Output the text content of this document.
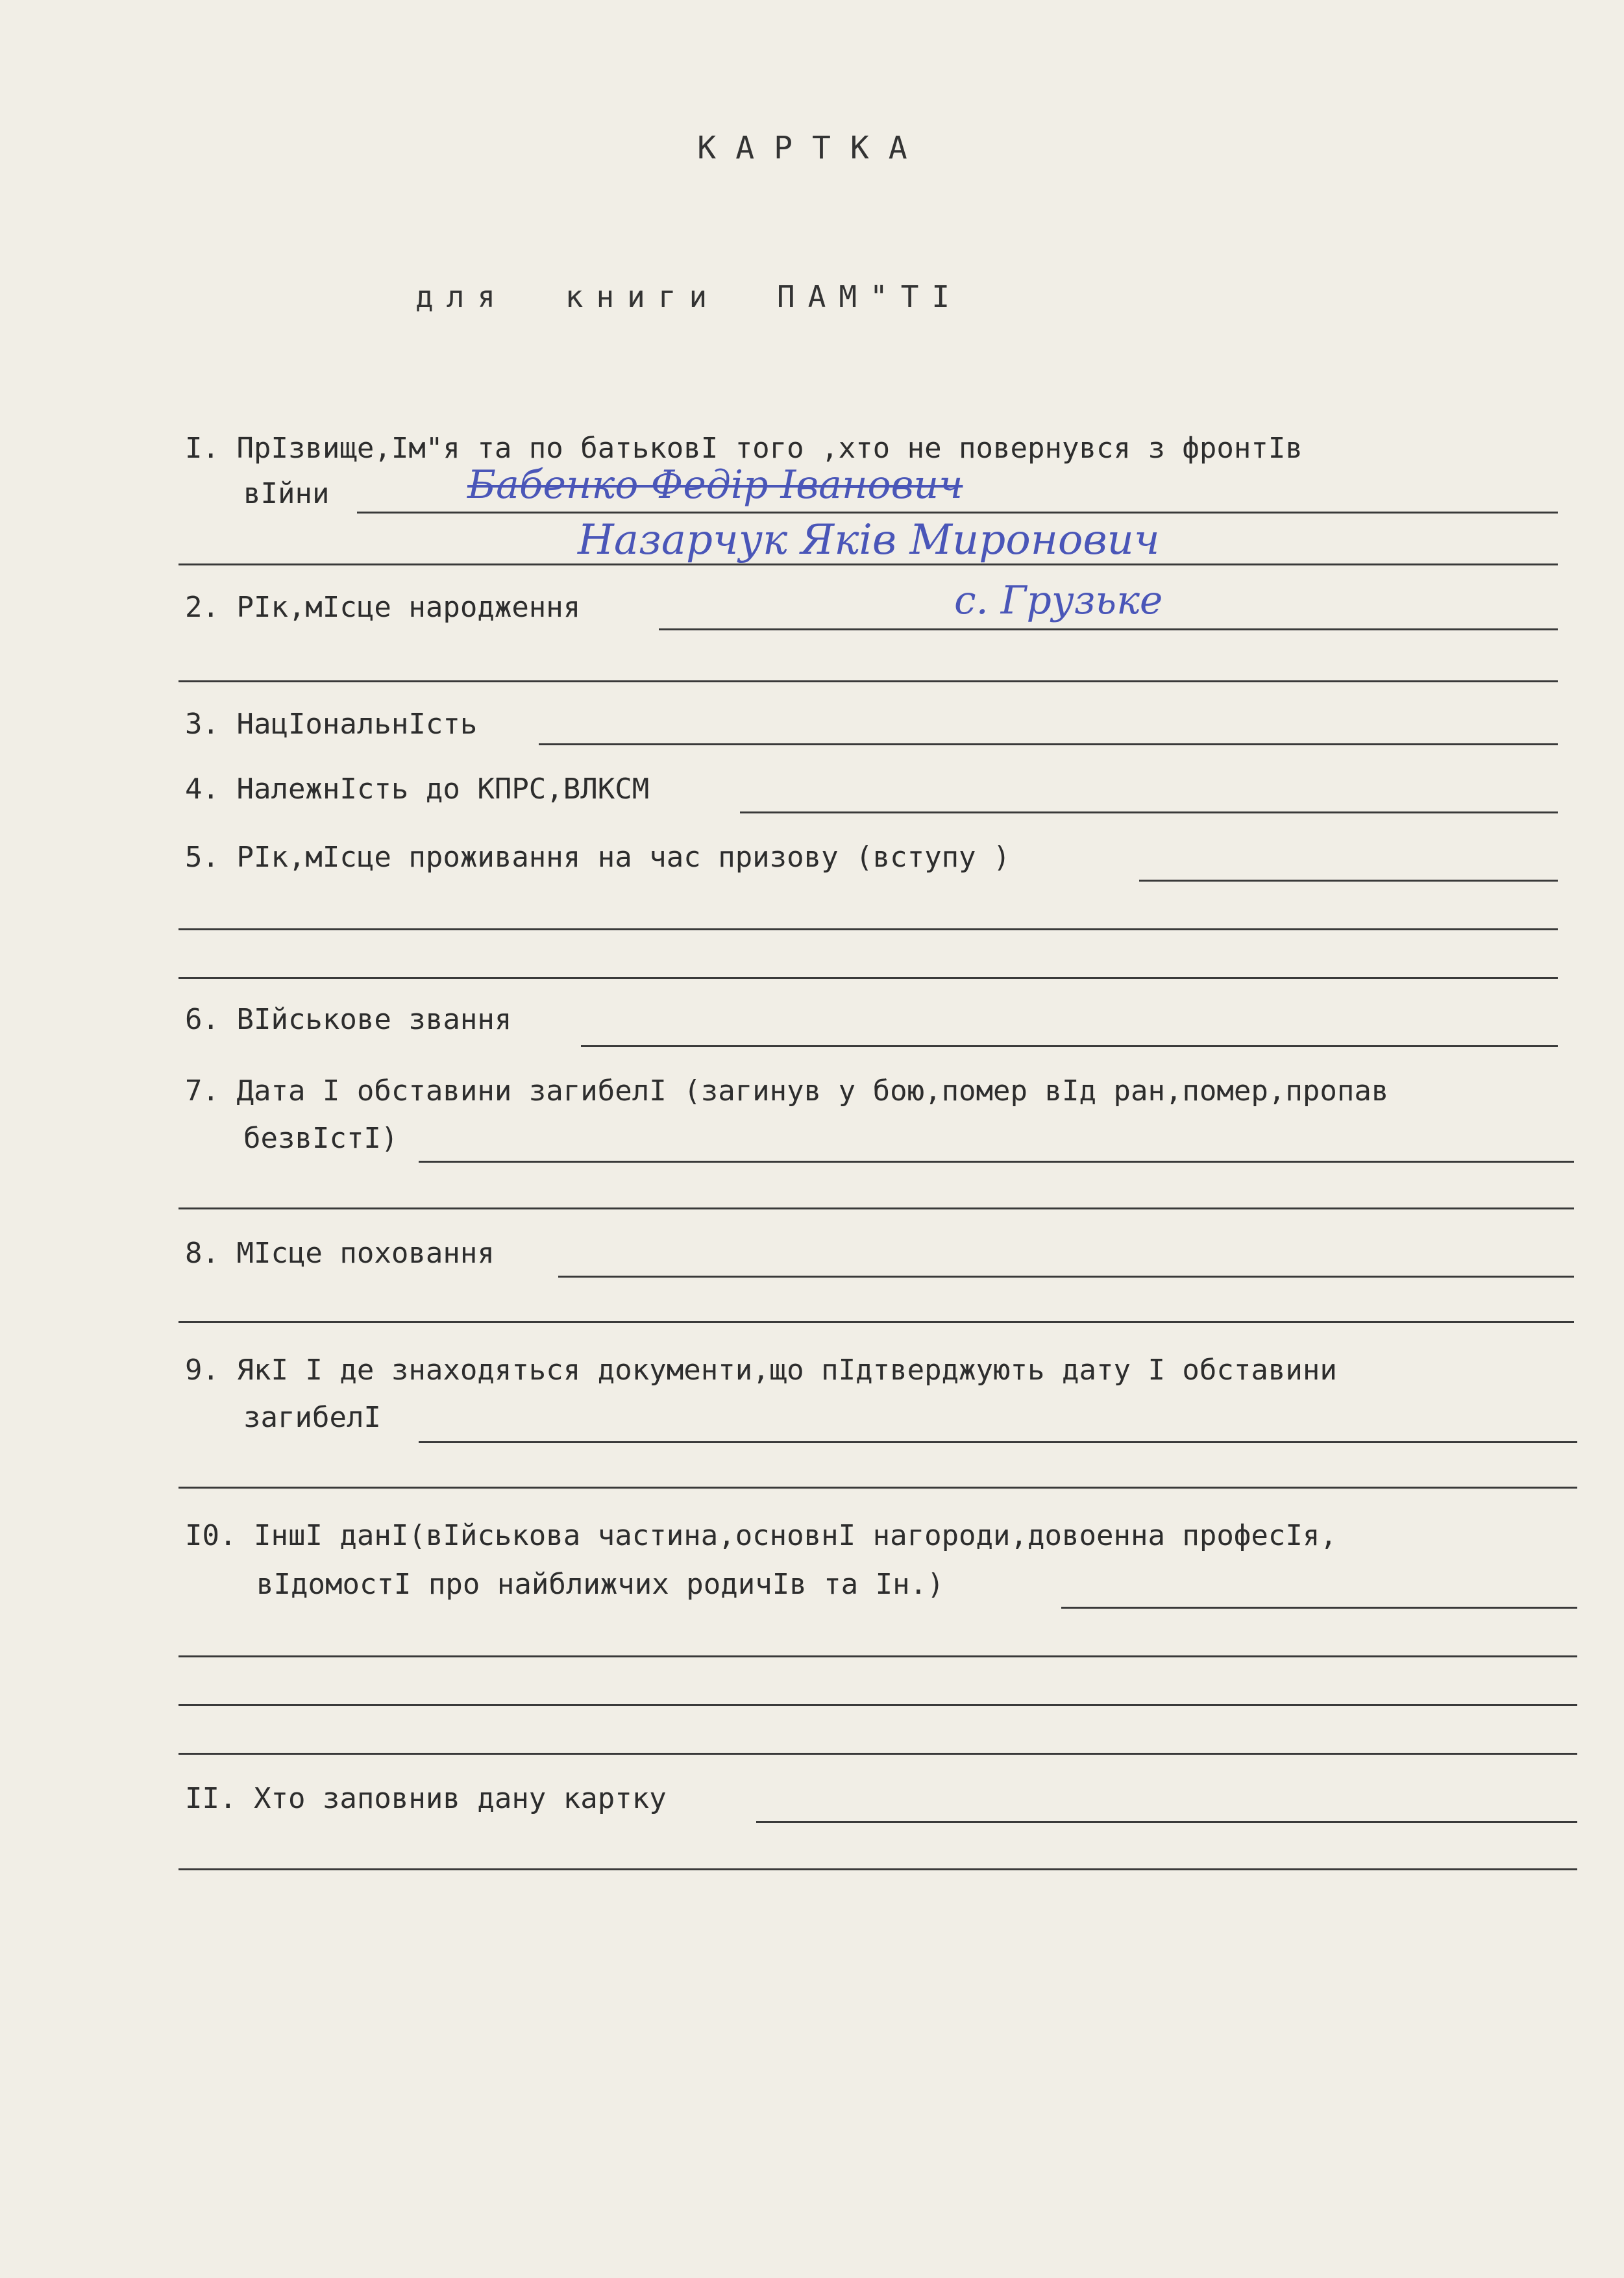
КАРТКА
для книги ПАМ"ТІ
І. ПрІзвище,Ім"я та по батьковІ того ,хто не повернувся з фронтІв
вІйни	Бабенко Федір Іванович
Назарчук Яків Миронович
2. РІк,мІсце народження	с. Грузьке
3. НацІональнІсть
4. НалежнІсть до КПРС,ВЛКСМ
5. РІк,мІсце проживання на час призову (вступу )
6. ВІйськове звання
7. Дата І обставини загибелІ (загинув у бою,помер вІд ран,помер,пропав
безвІстІ)
8. МІсце поховання
9. ЯкІ І де знаходяться документи,що пІдтверджують дату І обставини
загибелІ
І0. ІншІ данІ(вІйськова частина,основнІ нагороди,довоенна професІя,
вІдомостІ про найближчих родичІв та Ін.)
ІІ. Хто заповнив дану картку
